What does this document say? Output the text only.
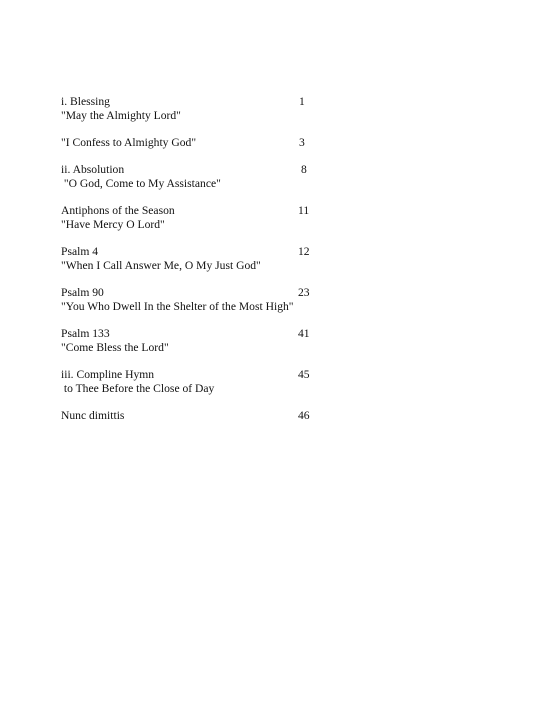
i. Blessing
"May the Almighty Lord"
1
"I Confess to Almighty God"	3
ii. Absolution
"O God, Come to My Assistance"
8
Antiphons of the Season
"Have Mercy O Lord"
11
Psalm 4
"When I Call Answer Me, O My Just God"
12
Psalm 90
"You Who Dwell In the Shelter of the Most High"
23
Psalm 133
"Come Bless the Lord"
41
iii. Compline Hymn
to Thee Before the Close of Day
45
Nunc dimittis	46
